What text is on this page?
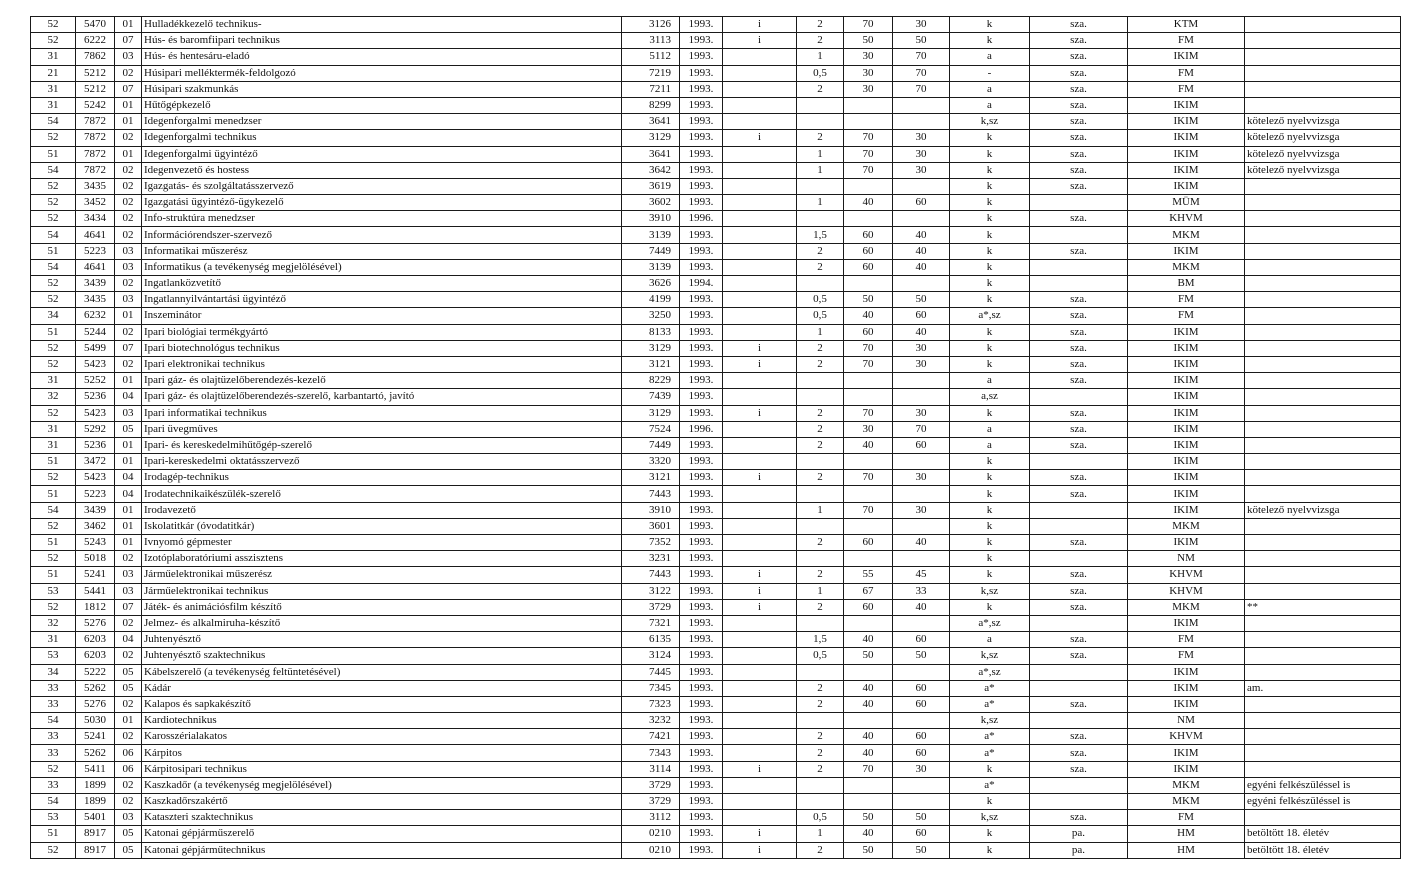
52	5470	01	Hulladékkezelő technikus-	3126	1993.	i	2	70	30	k	sza.	KTM	
52	6222	07	Hús- és baromfiipari technikus	3113	1993.	i	2	50	50	k	sza.	FM	
31	7862	03	Hús- és hentesáru-eladó	5112	1993.		1	30	70	a	sza.	IKIM	
21	5212	02	Húsipari melléktermék-feldolgozó	7219	1993.		0,5	30	70	-	sza.	FM	
31	5212	07	Húsipari szakmunkás	7211	1993.		2	30	70	a	sza.	FM	
31	5242	01	Hűtőgépkezelő	8299	1993.					a	sza.	IKIM	
54	7872	01	Idegenforgalmi menedzser	3641	1993.					k,sz	sza.	IKIM	kötelező nyelvvizsga
52	7872	02	Idegenforgalmi technikus	3129	1993.	i	2	70	30	k	sza.	IKIM	kötelező nyelvvizsga
51	7872	01	Idegenforgalmi ügyintéző	3641	1993.		1	70	30	k	sza.	IKIM	kötelező nyelvvizsga
54	7872	02	Idegenvezető és hostess	3642	1993.		1	70	30	k	sza.	IKIM	kötelező nyelvvizsga
52	3435	02	Igazgatás- és szolgáltatásszervező	3619	1993.					k	sza.	IKIM	
52	3452	02	Igazgatási ügyintéző-ügykezelő	3602	1993.		1	40	60	k		MÜM	
52	3434	02	Info-struktúra menedzser	3910	1996.					k	sza.	KHVM	
54	4641	02	Információrendszer-szervező	3139	1993.		1,5	60	40	k		MKM	
51	5223	03	Informatikai műszerész	7449	1993.		2	60	40	k	sza.	IKIM	
54	4641	03	Informatikus (a tevékenység megjelölésével)	3139	1993.		2	60	40	k		MKM	
52	3439	02	Ingatlanközvetítő	3626	1994.					k		BM	
52	3435	03	Ingatlannyilvántartási ügyintéző	4199	1993.		0,5	50	50	k	sza.	FM	
34	6232	01	Inszeminátor	3250	1993.		0,5	40	60	a*,sz	sza.	FM	
51	5244	02	Ipari biológiai termékgyártó	8133	1993.		1	60	40	k	sza.	IKIM	
52	5499	07	Ipari biotechnológus technikus	3129	1993.	i	2	70	30	k	sza.	IKIM	
52	5423	02	Ipari elektronikai technikus	3121	1993.	i	2	70	30	k	sza.	IKIM	
31	5252	01	Ipari gáz- és olajtüzelőberendezés-kezelő	8229	1993.					a	sza.	IKIM	
32	5236	04	Ipari gáz- és olajtüzelőberendezés-szerelő, karbantartó, javító	7439	1993.					a,sz		IKIM	
52	5423	03	Ipari informatikai technikus	3129	1993.	i	2	70	30	k	sza.	IKIM	
31	5292	05	Ipari üvegműves	7524	1996.		2	30	70	a	sza.	IKIM	
31	5236	01	Ipari- és kereskedelmihűtőgép-szerelő	7449	1993.		2	40	60	a	sza.	IKIM	
51	3472	01	Ipari-kereskedelmi oktatásszervező	3320	1993.					k		IKIM	
52	5423	04	Irodagép-technikus	3121	1993.	i	2	70	30	k	sza.	IKIM	
51	5223	04	Irodatechnikaikészülék-szerelő	7443	1993.					k	sza.	IKIM	
54	3439	01	Irodavezető	3910	1993.		1	70	30	k		IKIM	kötelező nyelvvizsga
52	3462	01	Iskolatitkár (óvodatitkár)	3601	1993.					k		MKM	
51	5243	01	Ivnyomó gépmester	7352	1993.		2	60	40	k	sza.	IKIM	
52	5018	02	Izotóplaboratóriumi asszisztens	3231	1993.					k		NM	
51	5241	03	Járműelektronikai műszerész	7443	1993.	i	2	55	45	k	sza.	KHVM	
53	5441	03	Járműelektronikai technikus	3122	1993.	i	1	67	33	k,sz	sza.	KHVM	
52	1812	07	Játék- és animációsfilm készítő	3729	1993.	i	2	60	40	k	sza.	MKM	**
32	5276	02	Jelmez- és alkalmiruha-készítő	7321	1993.					a*,sz		IKIM	
31	6203	04	Juhtenyésztő	6135	1993.		1,5	40	60	a	sza.	FM	
53	6203	02	Juhtenyésztő szaktechnikus	3124	1993.		0,5	50	50	k,sz	sza.	FM	
34	5222	05	Kábelszerelő (a tevékenység feltüntetésével)	7445	1993.					a*,sz		IKIM	
33	5262	05	Kádár	7345	1993.		2	40	60	a*		IKIM	am.
33	5276	02	Kalapos és sapkakészítő	7323	1993.		2	40	60	a*	sza.	IKIM	
54	5030	01	Kardiotechnikus	3232	1993.					k,sz		NM	
33	5241	02	Karosszérialakatos	7421	1993.		2	40	60	a*	sza.	KHVM	
33	5262	06	Kárpitos	7343	1993.		2	40	60	a*	sza.	IKIM	
52	5411	06	Kárpitosipari technikus	3114	1993.	i	2	70	30	k	sza.	IKIM	
33	1899	02	Kaszkadőr (a tevékenység megjelölésével)	3729	1993.					a*		MKM	egyéni felkészüléssel is
54	1899	02	Kaszkadőrszakértő	3729	1993.					k		MKM	egyéni felkészüléssel is
53	5401	03	Kataszteri szaktechnikus	3112	1993.		0,5	50	50	k,sz	sza.	FM	
51	8917	05	Katonai gépjárműszerelő	0210	1993.	i	1	40	60	k	pa.	HM	betöltött 18. életév
52	8917	05	Katonai gépjárműtechnikus	0210	1993.	i	2	50	50	k	pa.	HM	betöltött 18. életév
